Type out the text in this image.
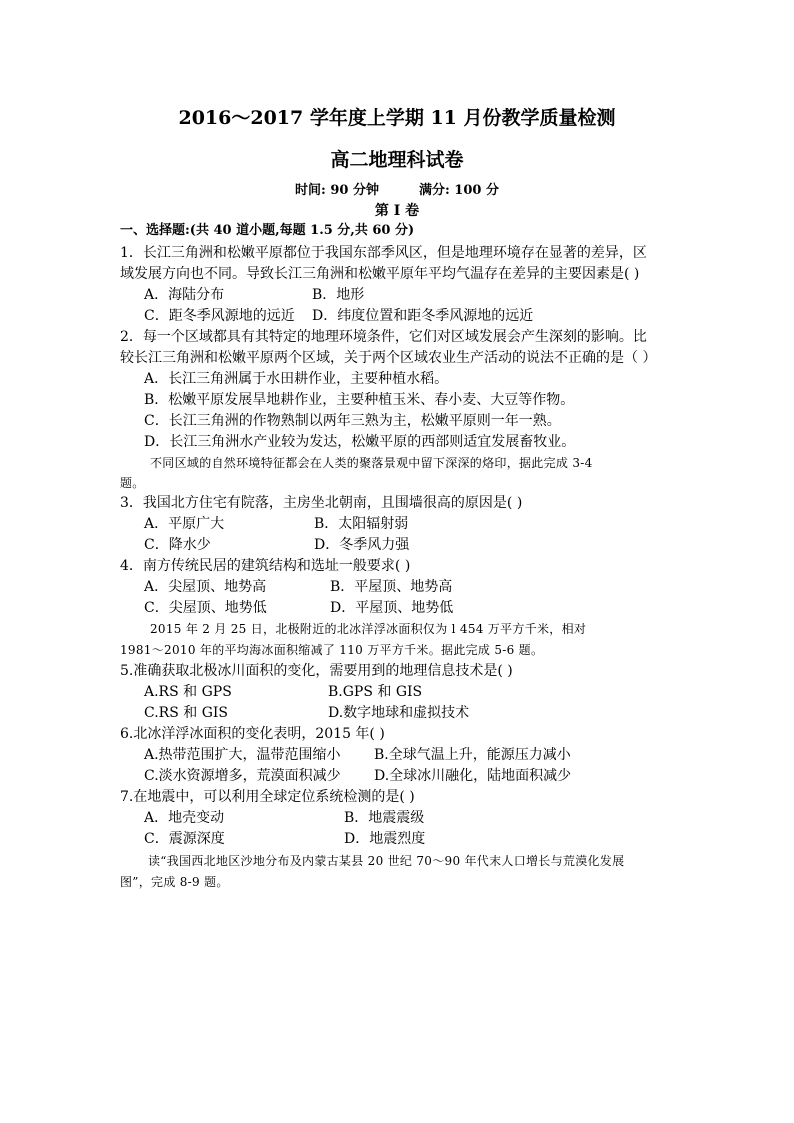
2016～2017 学年度上学期 11 月份教学质量检测
高二地理科试卷
时间: 90 分钟	满分: 100 分
第 I 卷
一、选择题:(共 40 道小题,每题 1.5 分,共 60 分)
1．长江三角洲和松嫩平原都位于我国东部季风区，但是地理环境存在显著的差异，区
域发展方向也不同。导致长江三角洲和松嫩平原年平均气温存在差异的主要因素是( )
A．海陆分布	B．地形
C．距冬季风源地的远近 D．纬度位置和距冬季风源地的远近
2．每一个区域都具有其特定的地理环境条件，它们对区域发展会产生深刻的影响。比
较长江三角洲和松嫩平原两个区域，关于两个区域农业生产活动的说法不正确的是（ ）
A．长江三角洲属于水田耕作业，主要种植水稻。
B．松嫩平原发展旱地耕作业，主要种植玉米、春小麦、大豆等作物。
C．长江三角洲的作物熟制以两年三熟为主，松嫩平原则一年一熟。
D．长江三角洲水产业较为发达，松嫩平原的西部则适宜发展畜牧业。
不同区域的自然环境特征都会在人类的聚落景观中留下深深的烙印，据此完成 3-4
题。
3．我国北方住宅有院落，主房坐北朝南，且围墙很高的原因是( )
A．平原广大	B．太阳辐射弱
C．降水少	D．冬季风力强
4．南方传统民居的建筑结构和选址一般要求( )
A．尖屋顶、地势高	B．平屋顶、地势高
C．尖屋顶、地势低	D．平屋顶、地势低
2015 年 2 月 25 日，北极附近的北冰洋浮冰面积仅为 l 454 万平方千米，相对
1981～2010 年的平均海冰面积缩减了 110 万平方千米。据此完成 5-6 题。
5.准确获取北极冰川面积的变化，需要用到的地理信息技术是( )
A.RS 和 GPS	B.GPS 和 GIS
C.RS 和 GIS	D.数字地球和虚拟技术
6.北冰洋浮冰面积的变化表明，2015 年( )
A.热带范围扩大，温带范围缩小 B.全球气温上升，能源压力减小
C.淡水资源增多，荒漠面积减少 D.全球冰川融化，陆地面积减少
7.在地震中，可以利用全球定位系统检测的是( )
A．地壳变动	B．地震震级
C．震源深度	D．地震烈度
读“我国西北地区沙地分布及内蒙古某县 20 世纪 70～90 年代末人口增长与荒漠化发展
图”，完成 8-9 题。
